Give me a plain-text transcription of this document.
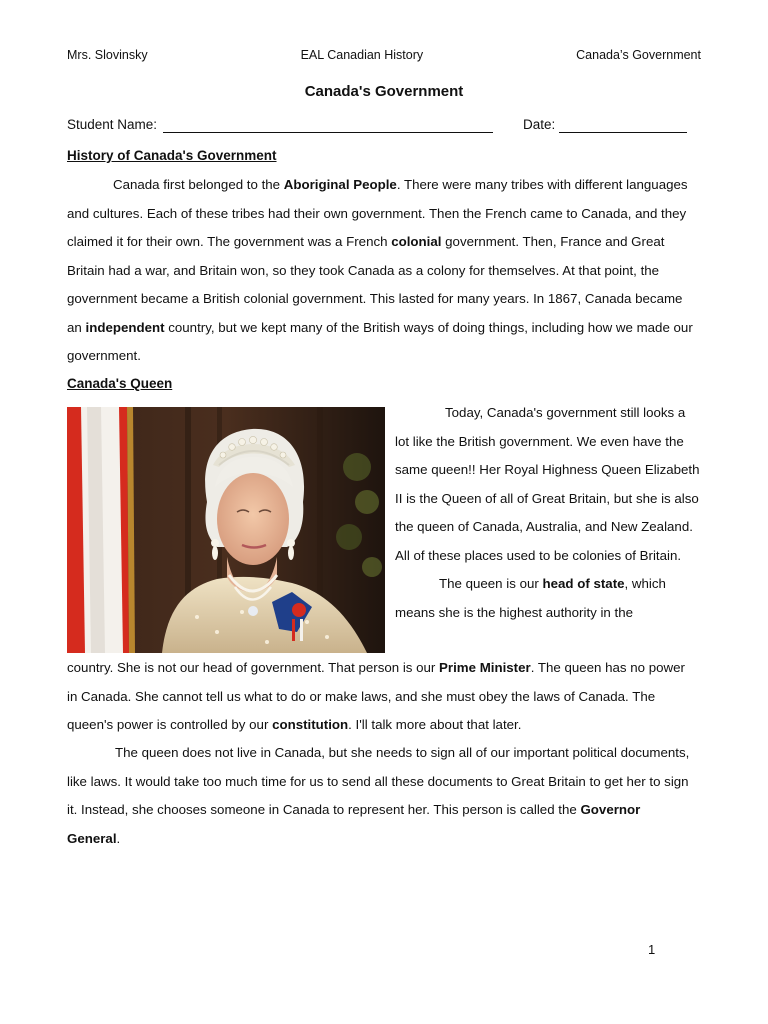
Mrs. Slovinsky	EAL Canadian History	Canada’s Government
Canada's Government
Student Name:	Date:
History of Canada's Government

Canada first belonged to the Aboriginal People. There were many tribes with different languages and cultures. Each of these tribes had their own government. Then the French came to Canada, and they claimed it for their own. The government was a French colonial government. Then, France and Great Britain had a war, and Britain won, so they took Canada as a colony for themselves. At that point, the government became a British colonial government. This lasted for many years. In 1867, Canada became an independent country, but we kept many of the British ways of doing things, including how we made our government.

Canada's Queen

Today, Canada's government still looks a lot like the British government. We even have the same queen!! Her Royal Highness Queen Elizabeth II is the Queen of all of Great Britain, but she is also the queen of Canada, Australia, and New Zealand. All of these places used to be colonies of Britain.
The queen is our head of state, which means she is the highest authority in the

country. She is not our head of government. That person is our Prime Minister. The queen has no power in Canada. She cannot tell us what to do or make laws, and she must obey the laws of Canada. The queen's power is controlled by our constitution. I'll talk more about that later.

The queen does not live in Canada, but she needs to sign all of our important political documents, like laws. It would take too much time for us to send all these documents to Great Britain to get her to sign it. Instead, she chooses someone in Canada to represent her. This person is called the Governor General.

1
